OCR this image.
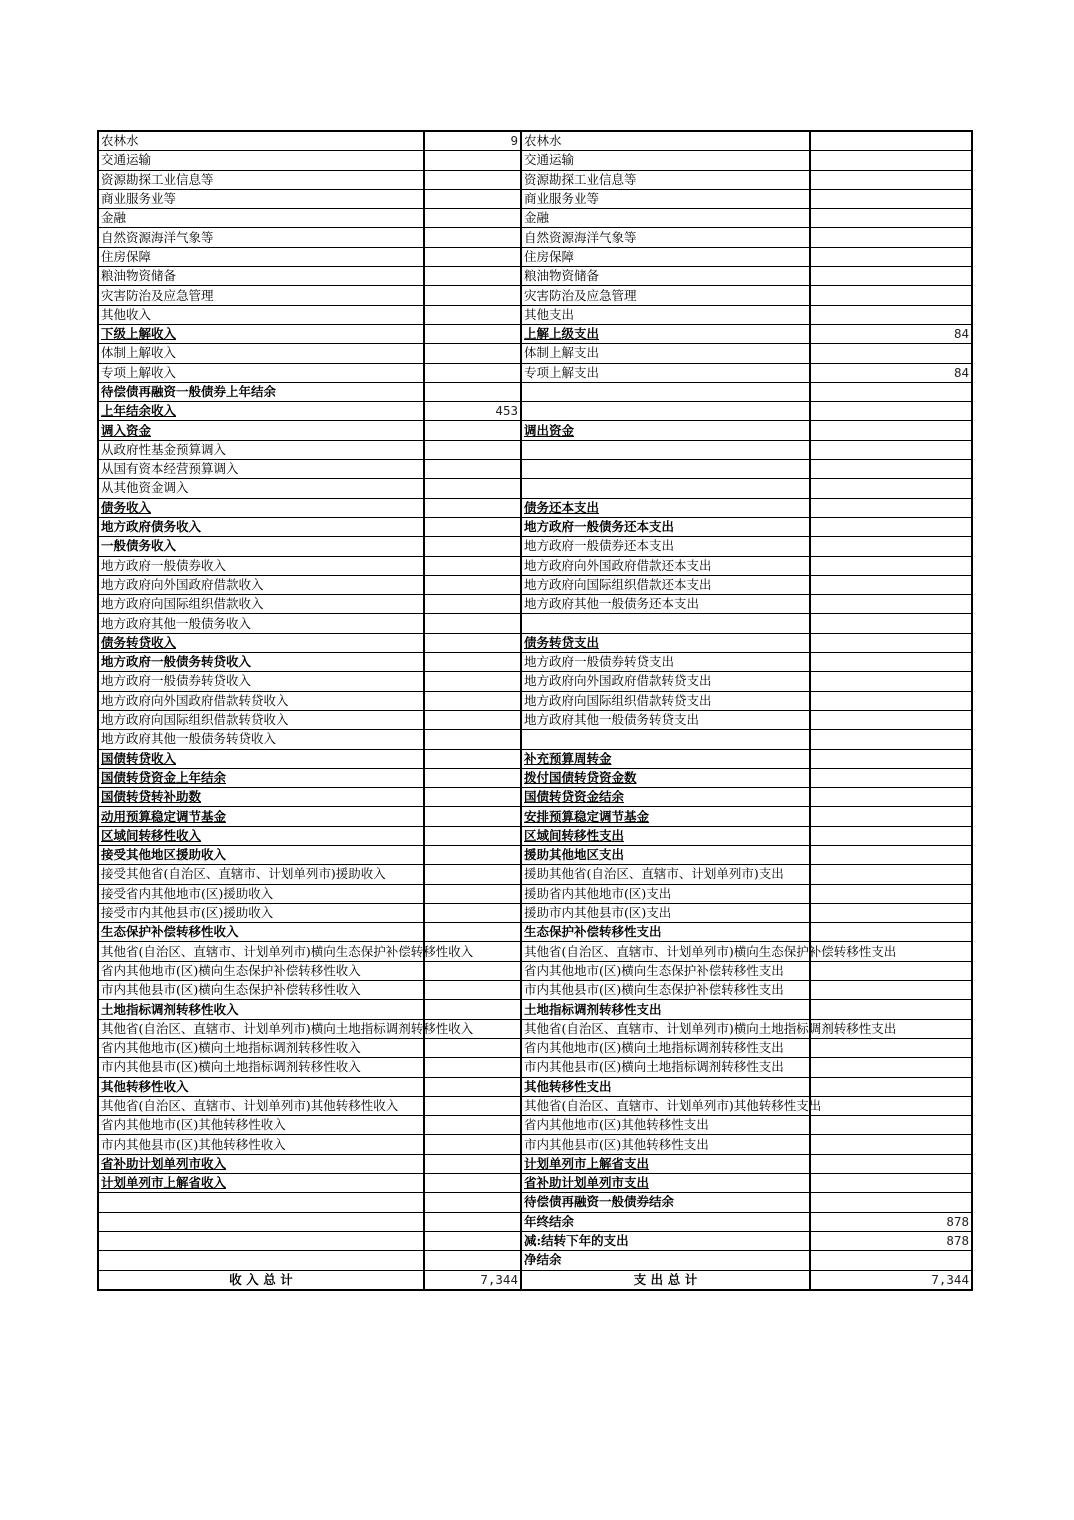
农林水	9	农林水	
交通运输		交通运输	
资源勘探工业信息等		资源勘探工业信息等	
商业服务业等		商业服务业等	
金融		金融	
自然资源海洋气象等		自然资源海洋气象等	
住房保障		住房保障	
粮油物资储备		粮油物资储备	
灾害防治及应急管理		灾害防治及应急管理	
其他收入		其他支出	
下级上解收入		上解上级支出	84
体制上解收入		体制上解支出	
专项上解收入		专项上解支出	84
待偿债再融资一般债券上年结余			
上年结余收入	453		
调入资金		调出资金	
从政府性基金预算调入			
从国有资本经营预算调入			
从其他资金调入			
债务收入		债务还本支出	
地方政府债务收入		地方政府一般债务还本支出	
一般债务收入		地方政府一般债券还本支出	
地方政府一般债券收入		地方政府向外国政府借款还本支出	
地方政府向外国政府借款收入		地方政府向国际组织借款还本支出	
地方政府向国际组织借款收入		地方政府其他一般债务还本支出	
地方政府其他一般债务收入			
债务转贷收入		债务转贷支出	
地方政府一般债务转贷收入		地方政府一般债券转贷支出	
地方政府一般债券转贷收入		地方政府向外国政府借款转贷支出	
地方政府向外国政府借款转贷收入		地方政府向国际组织借款转贷支出	
地方政府向国际组织借款转贷收入		地方政府其他一般债务转贷支出	
地方政府其他一般债务转贷收入			
国债转贷收入		补充预算周转金	
国债转贷资金上年结余		拨付国债转贷资金数	
国债转贷转补助数		国债转贷资金结余	
动用预算稳定调节基金		安排预算稳定调节基金	
区域间转移性收入		区域间转移性支出	
接受其他地区援助收入		援助其他地区支出	
接受其他省(自治区、直辖市、计划单列市)援助收入		援助其他省(自治区、直辖市、计划单列市)支出	
接受省内其他地市(区)援助收入		援助省内其他地市(区)支出	
接受市内其他县市(区)援助收入		援助市内其他县市(区)支出	
生态保护补偿转移性收入		生态保护补偿转移性支出	
其他省(自治区、直辖市、计划单列市)横向生态保护补偿转移性收入		其他省(自治区、直辖市、计划单列市)横向生态保护补偿转移性支出	
省内其他地市(区)横向生态保护补偿转移性收入		省内其他地市(区)横向生态保护补偿转移性支出	
市内其他县市(区)横向生态保护补偿转移性收入		市内其他县市(区)横向生态保护补偿转移性支出	
土地指标调剂转移性收入		土地指标调剂转移性支出	
其他省(自治区、直辖市、计划单列市)横向土地指标调剂转移性收入		其他省(自治区、直辖市、计划单列市)横向土地指标调剂转移性支出	
省内其他地市(区)横向土地指标调剂转移性收入		省内其他地市(区)横向土地指标调剂转移性支出	
市内其他县市(区)横向土地指标调剂转移性收入		市内其他县市(区)横向土地指标调剂转移性支出	
其他转移性收入		其他转移性支出	
其他省(自治区、直辖市、计划单列市)其他转移性收入		其他省(自治区、直辖市、计划单列市)其他转移性支出	
省内其他地市(区)其他转移性收入		省内其他地市(区)其他转移性支出	
市内其他县市(区)其他转移性收入		市内其他县市(区)其他转移性支出	
省补助计划单列市收入		计划单列市上解省支出	
计划单列市上解省收入		省补助计划单列市支出	
		待偿债再融资一般债券结余	
		年终结余	878
		减:结转下年的支出	878
		净结余	
收 入 总 计	7,344	支 出 总 计	7,344
